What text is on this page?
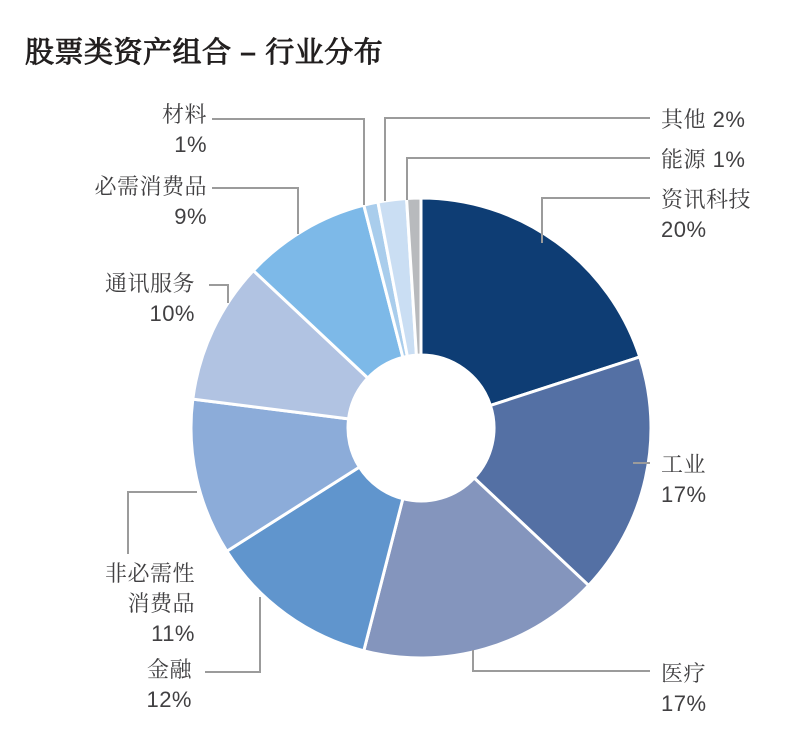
股票类资产组合 – 行业分布
材料
1%
必需消费品
9%
通讯服务
10%
非必需性
消费品
11%
金融
12%
其他 2%
能源 1%
资讯科技
20%
工业
17%
医疗
17%
